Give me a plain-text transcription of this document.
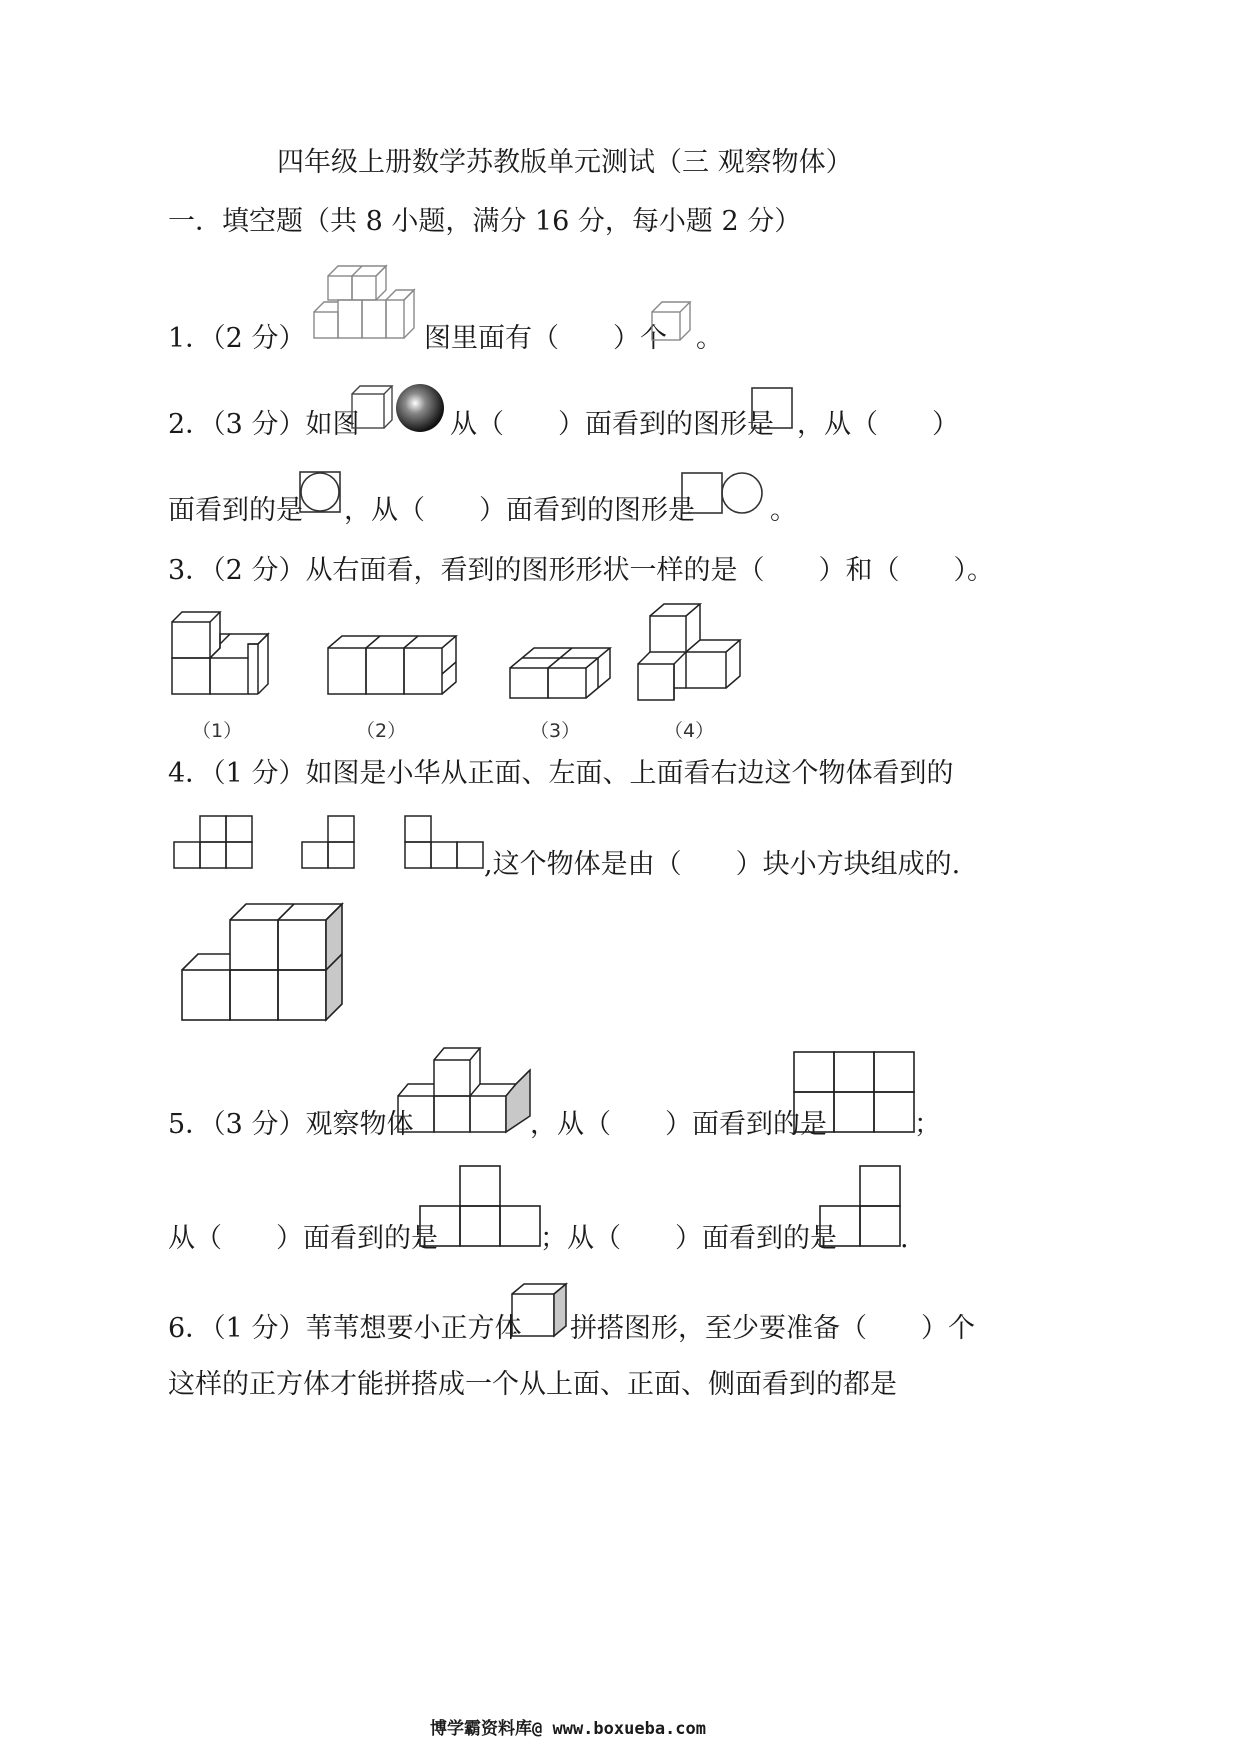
四年级上册数学苏教版单元测试（三 观察物体）
一．填空题（共 8 小题，满分 16 分，每小题 2 分）
1．（2 分）	图里面有（　　）个 。
2．（3 分）如图	从（　　）面看到的图形是 ，从（　　）
面看到的是 ，从（　　）面看到的图形是	。
3．（2 分）从右面看，看到的图形形状一样的是（　　）和（　　）。
（1）	（2）	（3）	（4）
4．（1 分）如图是小华从正面、左面、上面看右边这个物体看到的
,这个物体是由（　　）块小方块组成的.
5．（3 分）观察物体	，从（　　）面看到的是	；
从（　　）面看到的是	；从（　　）面看到的是 .
6．（1 分）苇苇想要小正方体 拼搭图形，至少要准备（　　）个
这样的正方体才能拼搭成一个从上面、正面、侧面看到的都是
博学霸资料库@ www.boxueba.com
